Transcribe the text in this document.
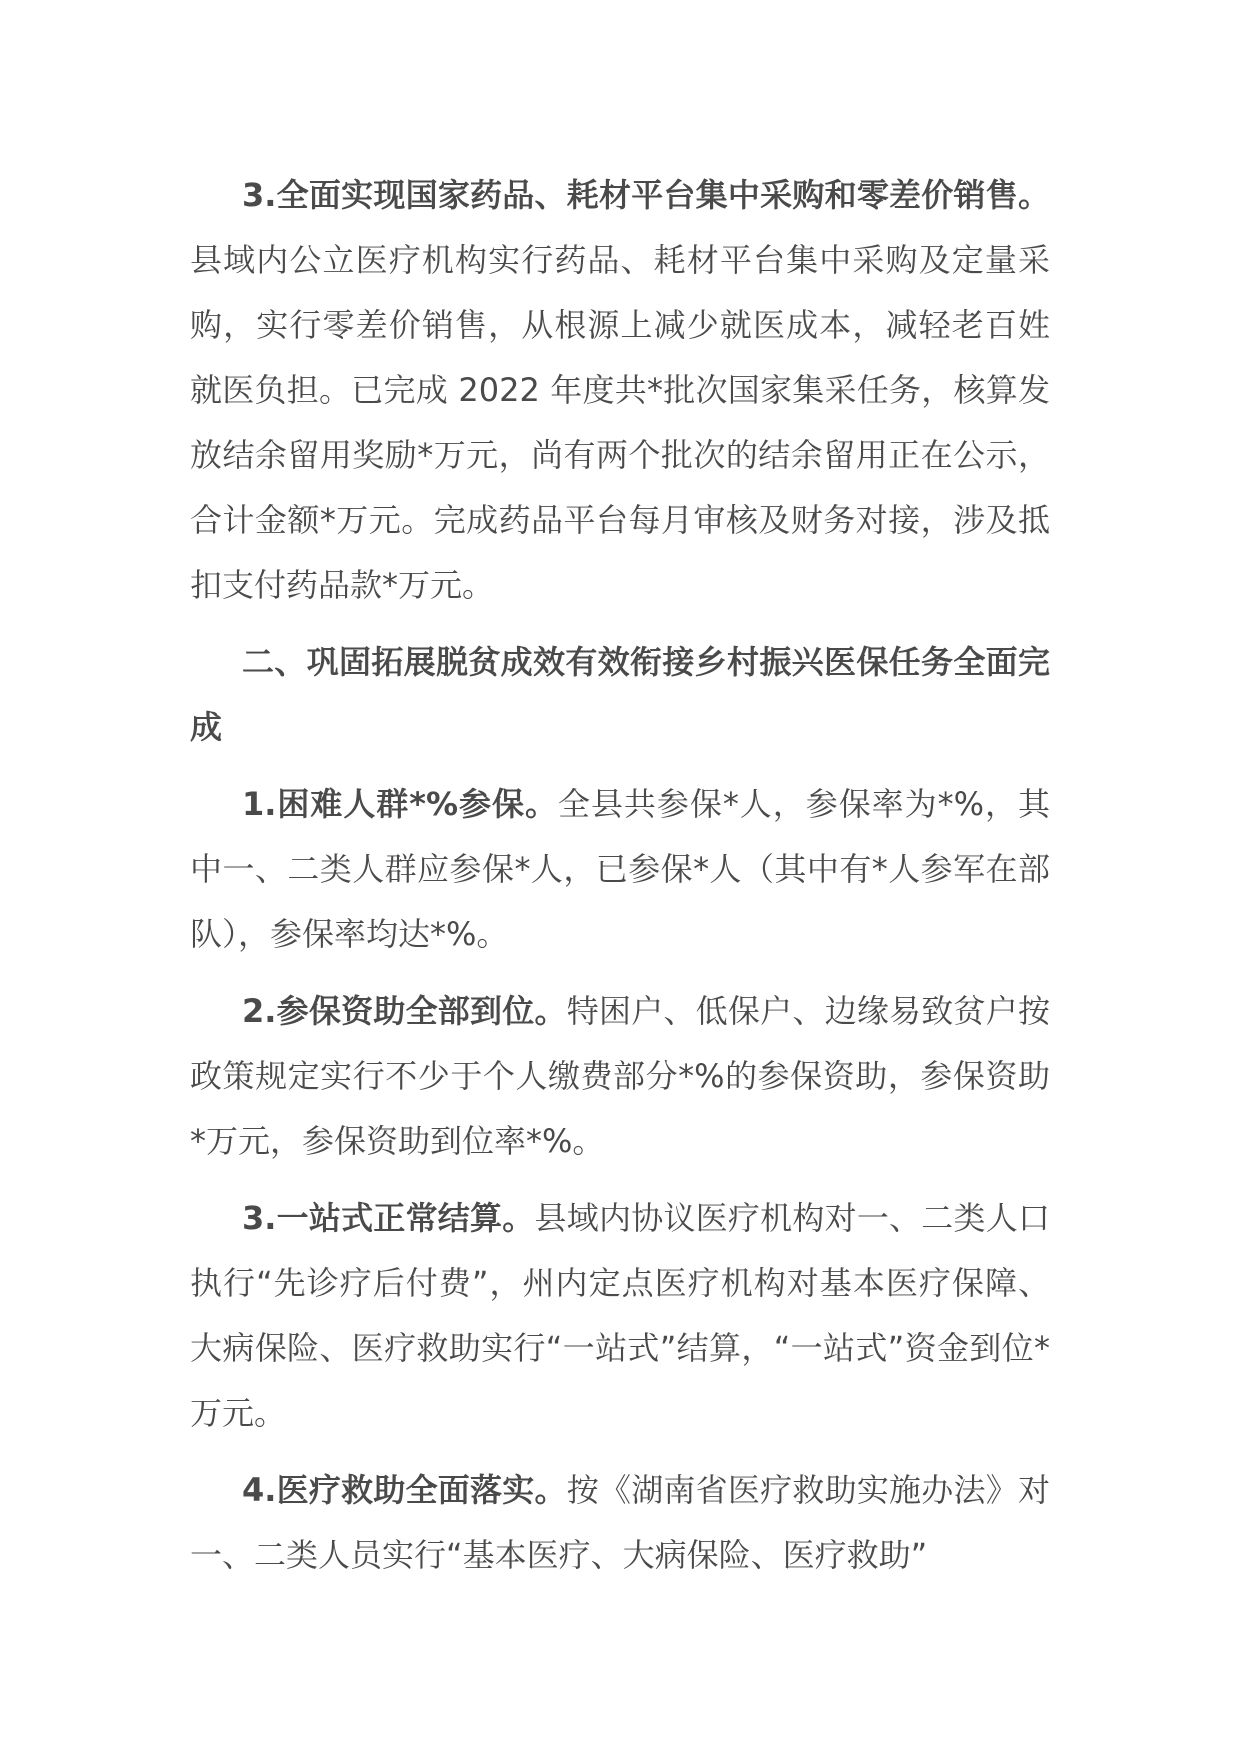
3.全面实现国家药品、耗材平台集中采购和零差价销售。县域内公立医疗机构实行药品、耗材平台集中采购及定量采购，实行零差价销售，从根源上减少就医成本，减轻老百姓就医负担。已完成 2022 年度共*批次国家集采任务，核算发放结余留用奖励*万元，尚有两个批次的结余留用正在公示，合计金额*万元。完成药品平台每月审核及财务对接，涉及抵扣支付药品款*万元。

二、巩固拓展脱贫成效有效衔接乡村振兴医保任务全面完成

1.困难人群*%参保。全县共参保*人，参保率为*%，其中一、二类人群应参保*人，已参保*人（其中有*人参军在部队），参保率均达*%。

2.参保资助全部到位。特困户、低保户、边缘易致贫户按政策规定实行不少于个人缴费部分*%的参保资助，参保资助*万元，参保资助到位率*%。

3.一站式正常结算。县域内协议医疗机构对一、二类人口执行“先诊疗后付费”，州内定点医疗机构对基本医疗保障、大病保险、医疗救助实行“一站式”结算，“一站式”资金到位*万元。

4.医疗救助全面落实。按《湖南省医疗救助实施办法》对一、二类人员实行“基本医疗、大病保险、医疗救助”
